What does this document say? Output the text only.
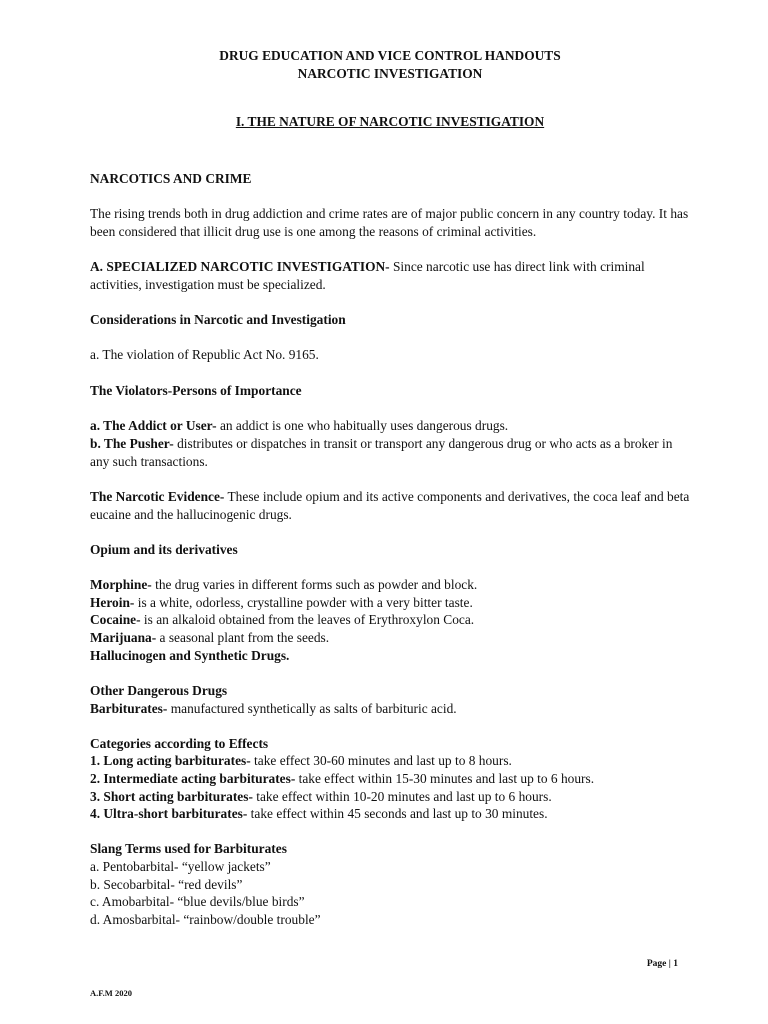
DRUG EDUCATION AND VICE CONTROL HANDOUTS

NARCOTIC INVESTIGATION

I. THE NATURE OF NARCOTIC INVESTIGATION

NARCOTICS AND CRIME

The rising trends both in drug addiction and crime rates are of major public concern in any country today. It has been considered that illicit drug use is one among the reasons of criminal activities.

A. SPECIALIZED NARCOTIC INVESTIGATION- Since narcotic use has direct link with criminal activities, investigation must be specialized.

Considerations in Narcotic and Investigation

a. The violation of Republic Act No. 9165.

The Violators-Persons of Importance

a. The Addict or User- an addict is one who habitually uses dangerous drugs.

b. The Pusher- distributes or dispatches in transit or transport any dangerous drug or who acts as a broker in any such transactions.

The Narcotic Evidence- These include opium and its active components and derivatives, the coca leaf and beta eucaine and the hallucinogenic drugs.

Opium and its derivatives

Morphine- the drug varies in different forms such as powder and block.

Heroin- is a white, odorless, crystalline powder with a very bitter taste.

Cocaine- is an alkaloid obtained from the leaves of Erythroxylon Coca.

Marijuana- a seasonal plant from the seeds.

Hallucinogen and Synthetic Drugs.

Other Dangerous Drugs

Barbiturates- manufactured synthetically as salts of barbituric acid.

Categories according to Effects

1. Long acting barbiturates- take effect 30-60 minutes and last up to 8 hours.

2. Intermediate acting barbiturates- take effect within 15-30 minutes and last up to 6 hours.

3. Short acting barbiturates- take effect within 10-20 minutes and last up to 6 hours.

4. Ultra-short barbiturates- take effect within 45 seconds and last up to 30 minutes.

Slang Terms used for Barbiturates

a. Pentobarbital- “yellow jackets”

b. Secobarbital- “red devils”

c. Amobarbital- “blue devils/blue birds”

d. Amosbarbital- “rainbow/double trouble”

Page | 1
A.F.M 2020
